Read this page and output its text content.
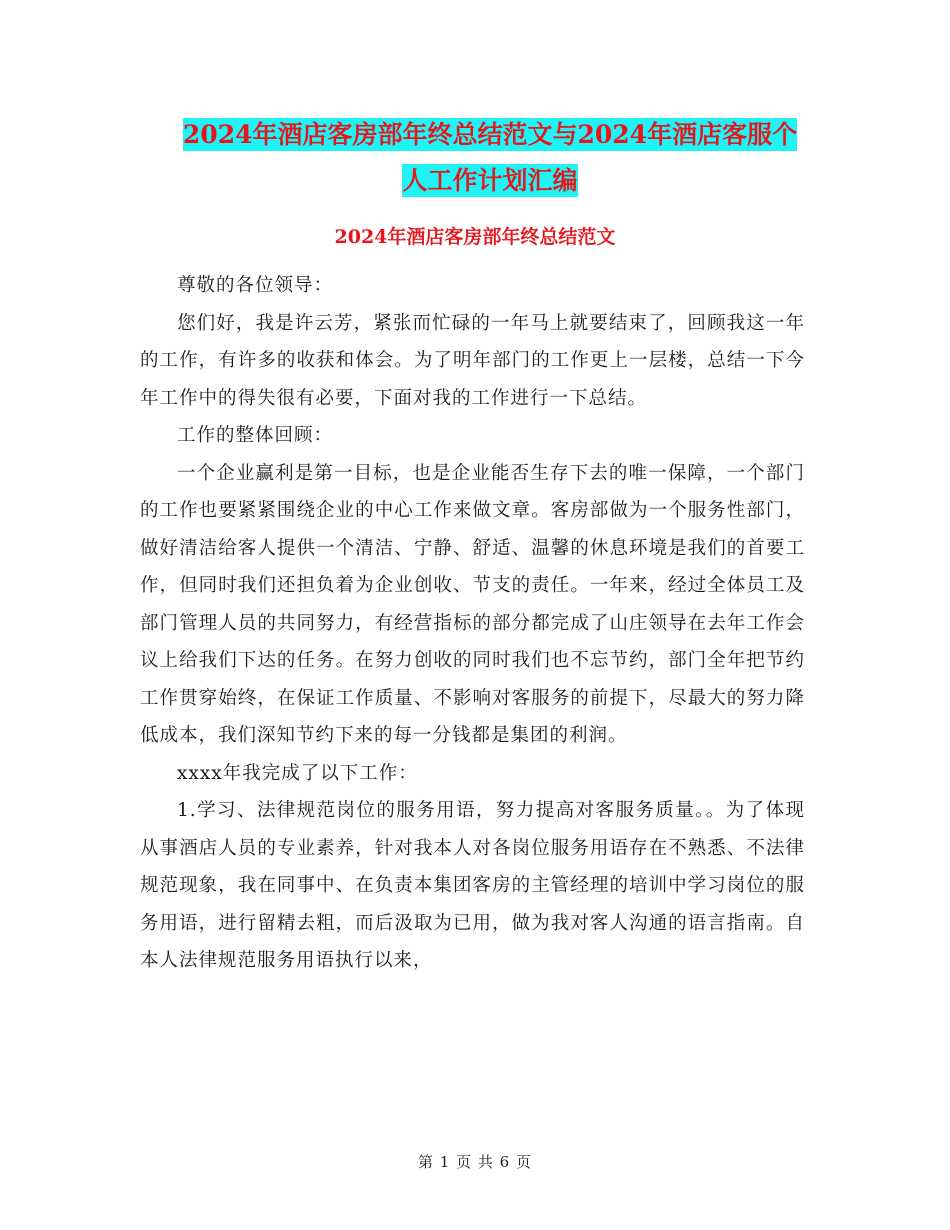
2024年酒店客房部年终总结范文与2024年酒店客服个
人工作计划汇编
2024年酒店客房部年终总结范文

尊敬的各位领导：

您们好，我是许云芳，紧张而忙碌的一年马上就要结束了，回顾我这一年的工作，有许多的收获和体会。为了明年部门的工作更上一层楼，总结一下今年工作中的得失很有必要，下面对我的工作进行一下总结。

工作的整体回顾：

一个企业赢利是第一目标，也是企业能否生存下去的唯一保障，一个部门的工作也要紧紧围绕企业的中心工作来做文章。客房部做为一个服务性部门，做好清洁给客人提供一个清洁、宁静、舒适、温馨的休息环境是我们的首要工作，但同时我们还担负着为企业创收、节支的责任。一年来，经过全体员工及部门管理人员的共同努力，有经营指标的部分都完成了山庄领导在去年工作会议上给我们下达的任务。在努力创收的同时我们也不忘节约，部门全年把节约工作贯穿始终，在保证工作质量、不影响对客服务的前提下，尽最大的努力降低成本，我们深知节约下来的每一分钱都是集团的利润。

xxxx年我完成了以下工作：

1.学习、法律规范岗位的服务用语，努力提高对客服务质量。。为了体现从事酒店人员的专业素养，针对我本人对各岗位服务用语存在不熟悉、不法律规范现象，我在同事中、在负责本集团客房的主管经理的培训中学习岗位的服务用语，进行留精去粗，而后汲取为已用，做为我对客人沟通的语言指南。自本人法律规范服务用语执行以来，

第 1 页 共 6 页
